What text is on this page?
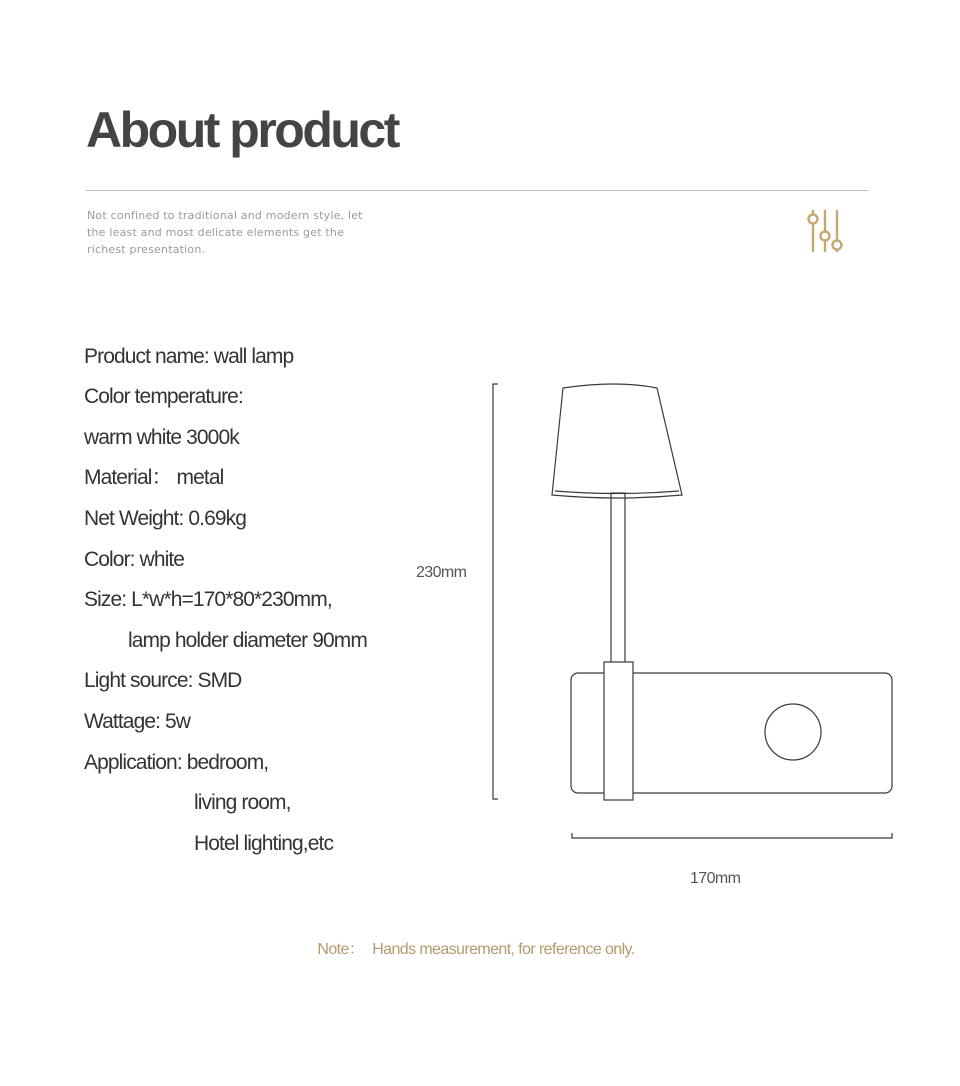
About product
Not confined to traditional and modern style, let
the least and most delicate elements get the
richest presentation.
Product name: wall lamp
Color temperature:
warm white 3000k
Material： metal
Net Weight: 0.69kg
Color: white
Size: L*w*h=170*80*230mm,
lamp holder diameter 90mm
Light source: SMD
Wattage: 5w
Application: bedroom,
living room,
Hotel lighting,etc
230mm
170mm
Note： Hands measurement, for reference only.
